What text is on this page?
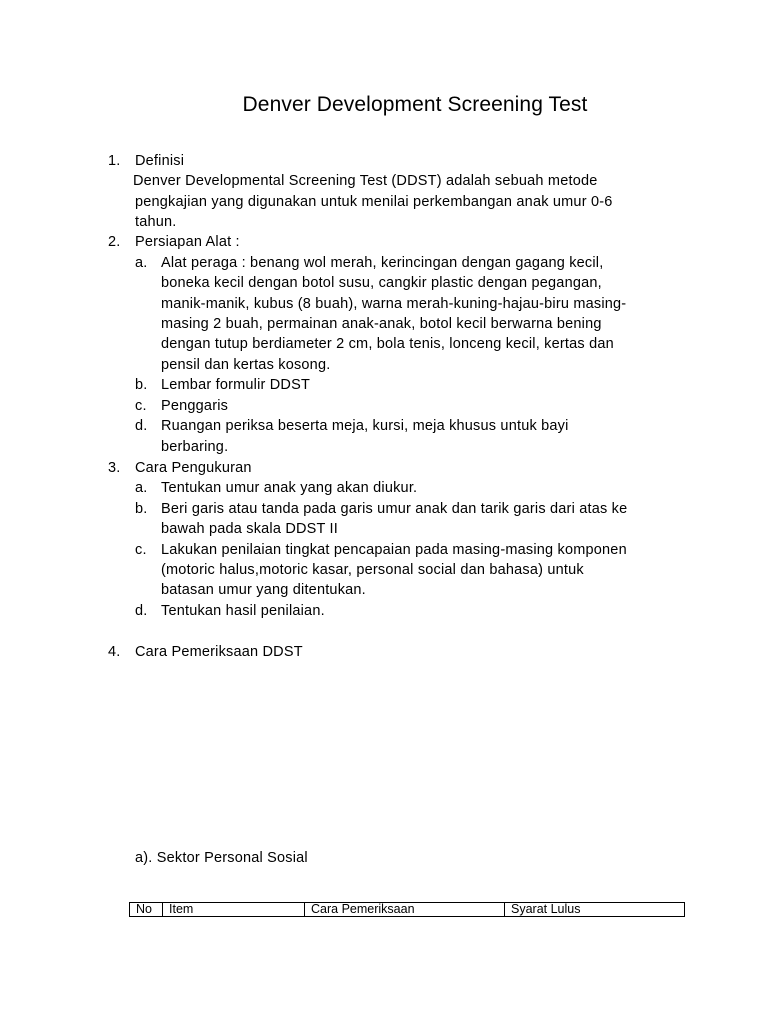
Denver Development Screening Test
1. Definisi
Denver Developmental Screening Test (DDST) adalah sebuah metode
pengkajian yang digunakan untuk menilai perkembangan anak umur 0-6
tahun.
2. Persiapan Alat :
a. Alat peraga : benang wol merah, kerincingan dengan gagang kecil,
boneka kecil dengan botol susu, cangkir plastic dengan pegangan,
manik-manik, kubus (8 buah), warna merah-kuning-hajau-biru masing-
masing 2 buah, permainan anak-anak, botol kecil berwarna bening
dengan tutup berdiameter 2 cm, bola tenis, lonceng kecil, kertas dan
pensil dan kertas kosong.
b. Lembar formulir DDST
c. Penggaris
d. Ruangan periksa beserta meja, kursi, meja khusus untuk bayi
berbaring.
3. Cara Pengukuran
a. Tentukan umur anak yang akan diukur.
b. Beri garis atau tanda pada garis umur anak dan tarik garis dari atas ke
bawah pada skala DDST II
c. Lakukan penilaian tingkat pencapaian pada masing-masing komponen
(motoric halus,motoric kasar, personal social dan bahasa) untuk
batasan umur yang ditentukan.
d. Tentukan hasil penilaian.
4. Cara Pemeriksaan DDST
a). Sektor Personal Sosial
No	Item	Cara Pemeriksaan	Syarat Lulus
